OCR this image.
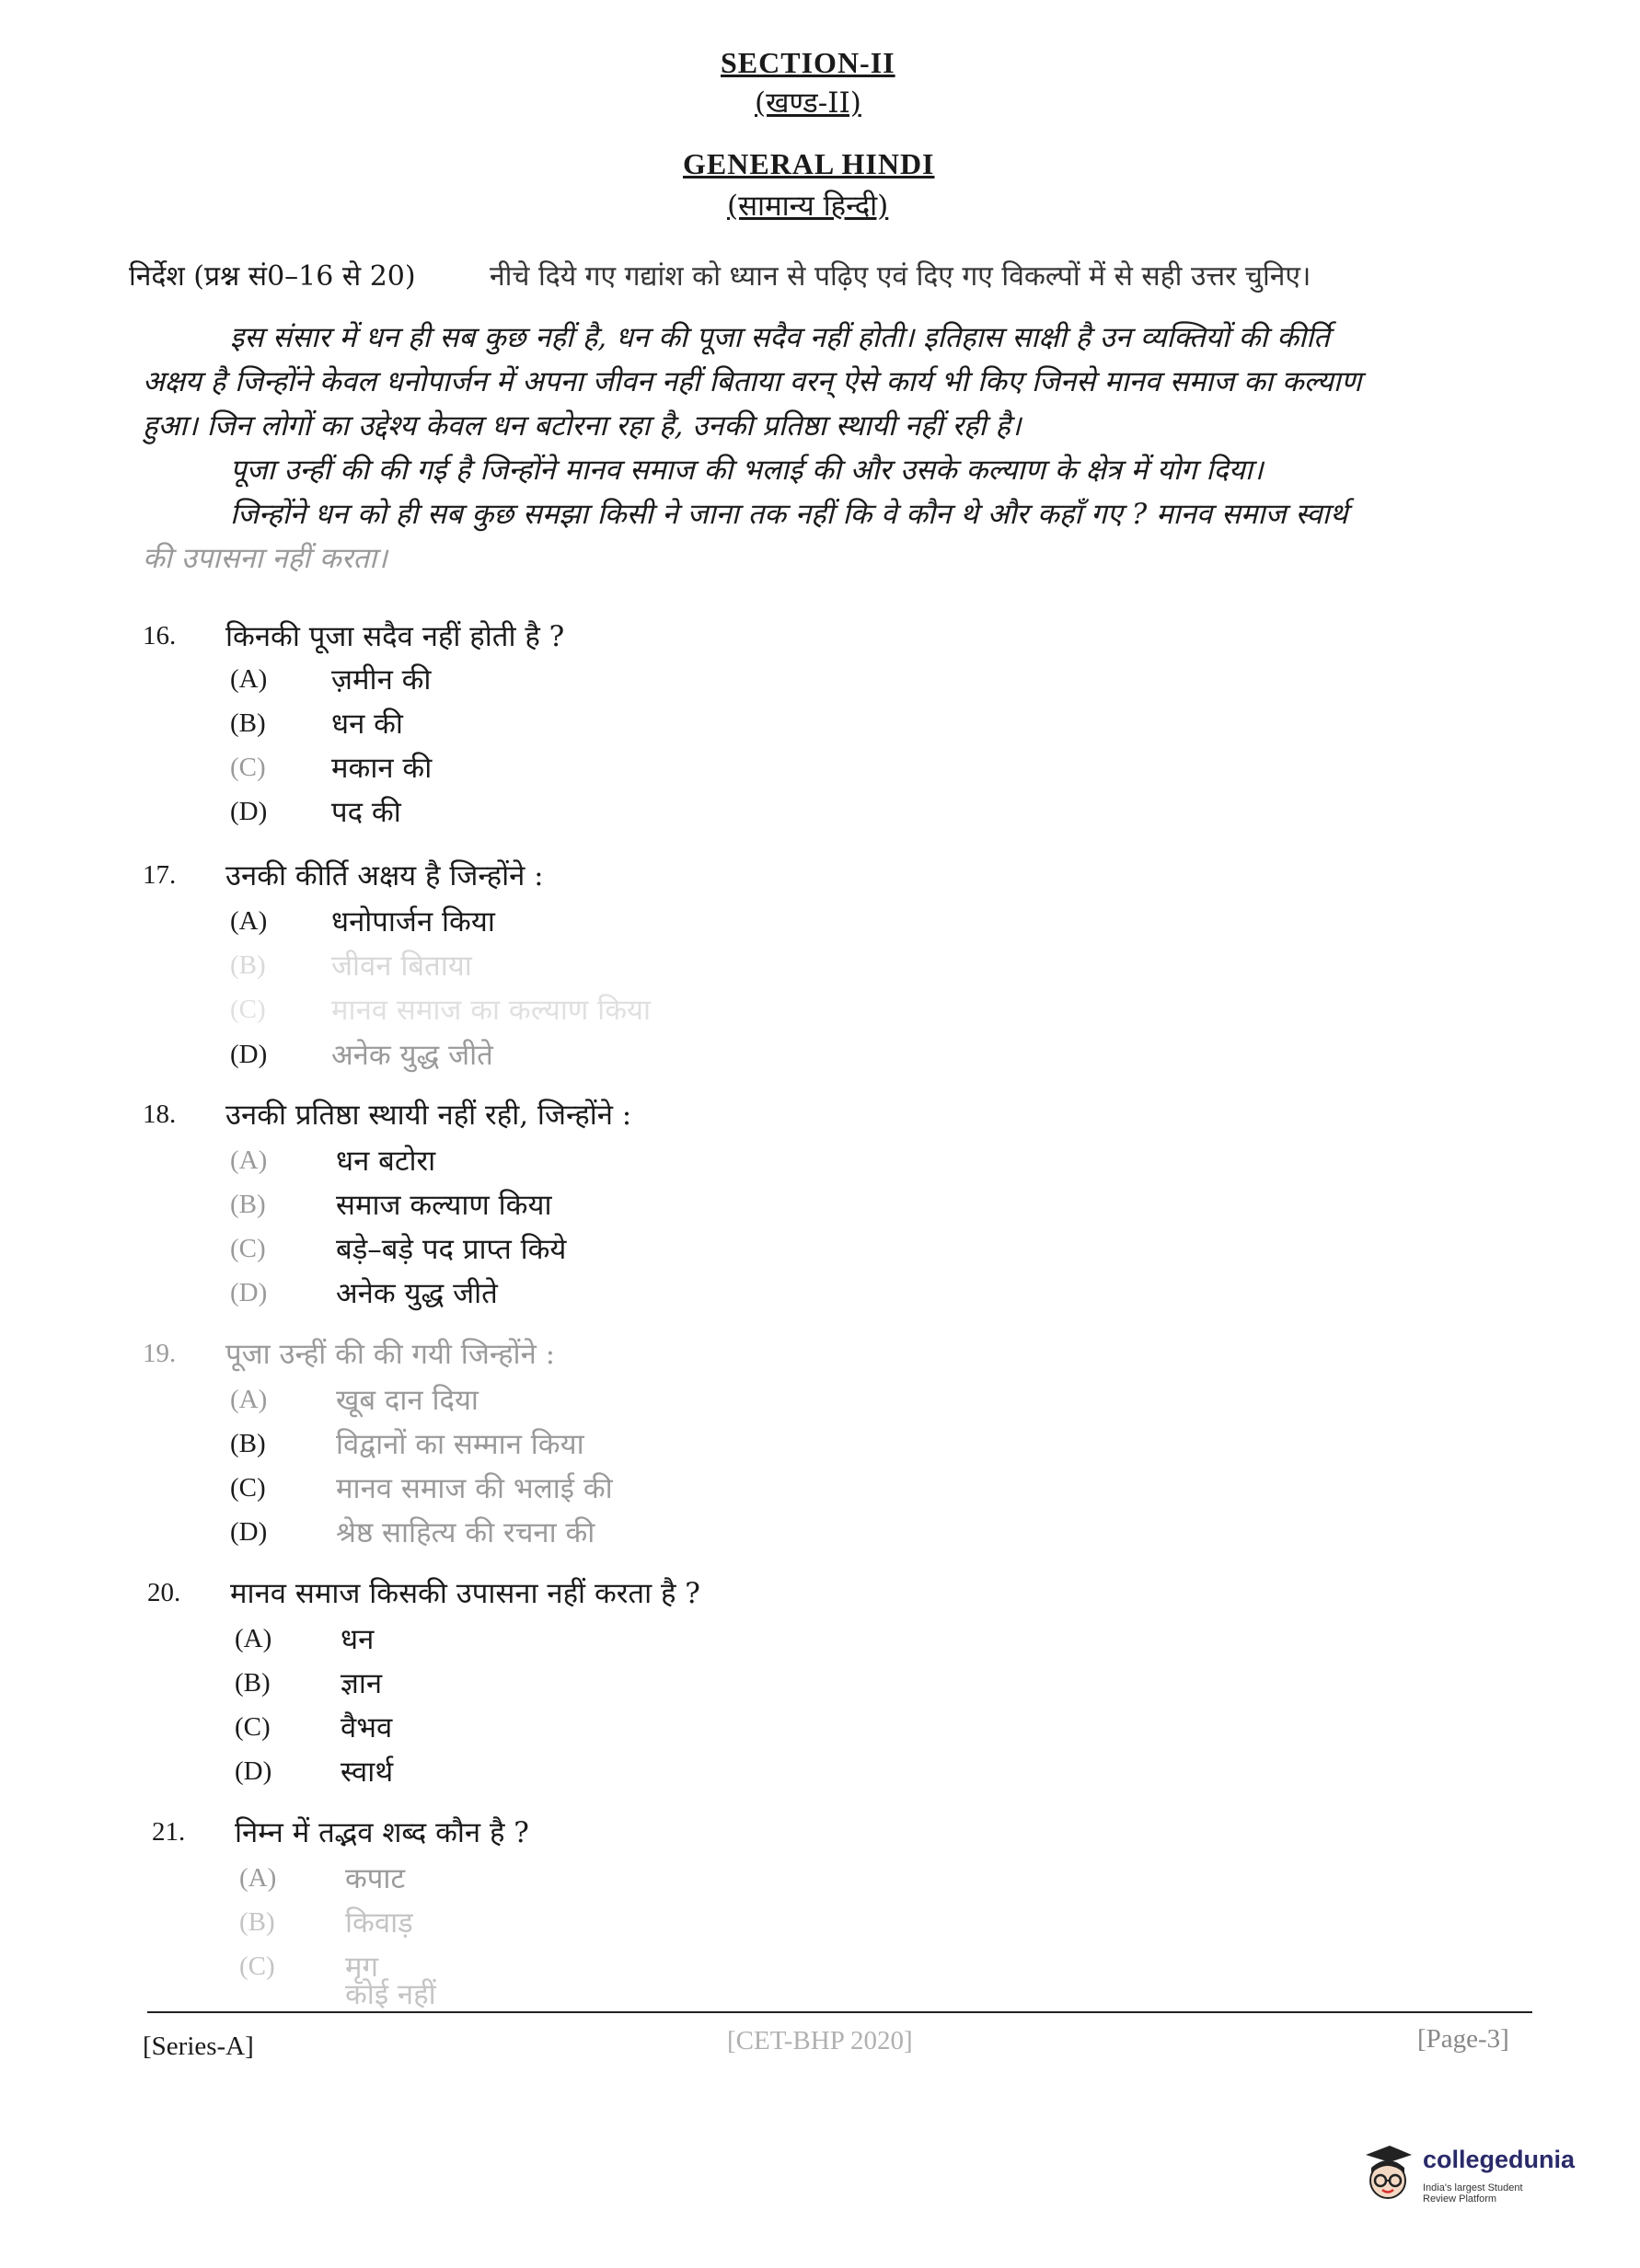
SECTION-II
(खण्ड-II)
GENERAL HINDI
(सामान्य हिन्दी)
निर्देश (प्रश्न सं0–16 से 20)	नीचे दिये गए गद्यांश को ध्यान से पढ़िए एवं दिए गए विकल्पों में से सही उत्तर चुनिए।
इस संसार में धन ही सब कुछ नहीं है, धन की पूजा सदैव नहीं होती। इतिहास साक्षी है उन व्यक्तियों की कीर्ति
अक्षय है जिन्होंने केवल धनोपार्जन में अपना जीवन नहीं बिताया वरन् ऐसे कार्य भी किए जिनसे मानव समाज का कल्याण
हुआ। जिन लोगों का उद्देश्य केवल धन बटोरना रहा है, उनकी प्रतिष्ठा स्थायी नहीं रही है।
पूजा उन्हीं की की गई है जिन्होंने मानव समाज की भलाई की और उसके कल्याण के क्षेत्र में योग दिया।
जिन्होंने धन को ही सब कुछ समझा किसी ने जाना तक नहीं कि वे कौन थे और कहाँ गए ? मानव समाज स्वार्थ
की उपासना नहीं करता।
16. किनकी पूजा सदैव नहीं होती है ?
(A) ज़मीन की
(B) धन की
(C) मकान की
(D) पद की
17. उनकी कीर्ति अक्षय है जिन्होंने :
(A) धनोपार्जन किया
(B) जीवन बिताया
(C) मानव समाज का कल्याण किया
(D) अनेक युद्ध जीते
18. उनकी प्रतिष्ठा स्थायी नहीं रही, जिन्होंने :
(A) धन बटोरा
(B) समाज कल्याण किया
(C) बड़े–बड़े पद प्राप्त किये
(D) अनेक युद्ध जीते
19. पूजा उन्हीं की की गयी जिन्होंने :
(A) खूब दान दिया
(B) विद्वानों का सम्मान किया
(C) मानव समाज की भलाई की
(D) श्रेष्ठ साहित्य की रचना की
20. मानव समाज किसकी उपासना नहीं करता है ?
(A) धन
(B) ज्ञान
(C) वैभव
(D) स्वार्थ
21. निम्न में तद्भव शब्द कौन है ?
(A) कपाट
(B) किवाड़
(C) मृग
कोई नहीं
[Series-A]	[CET-BHP 2020]	[Page-3]
collegedunia
India's largest Student Review Platform
